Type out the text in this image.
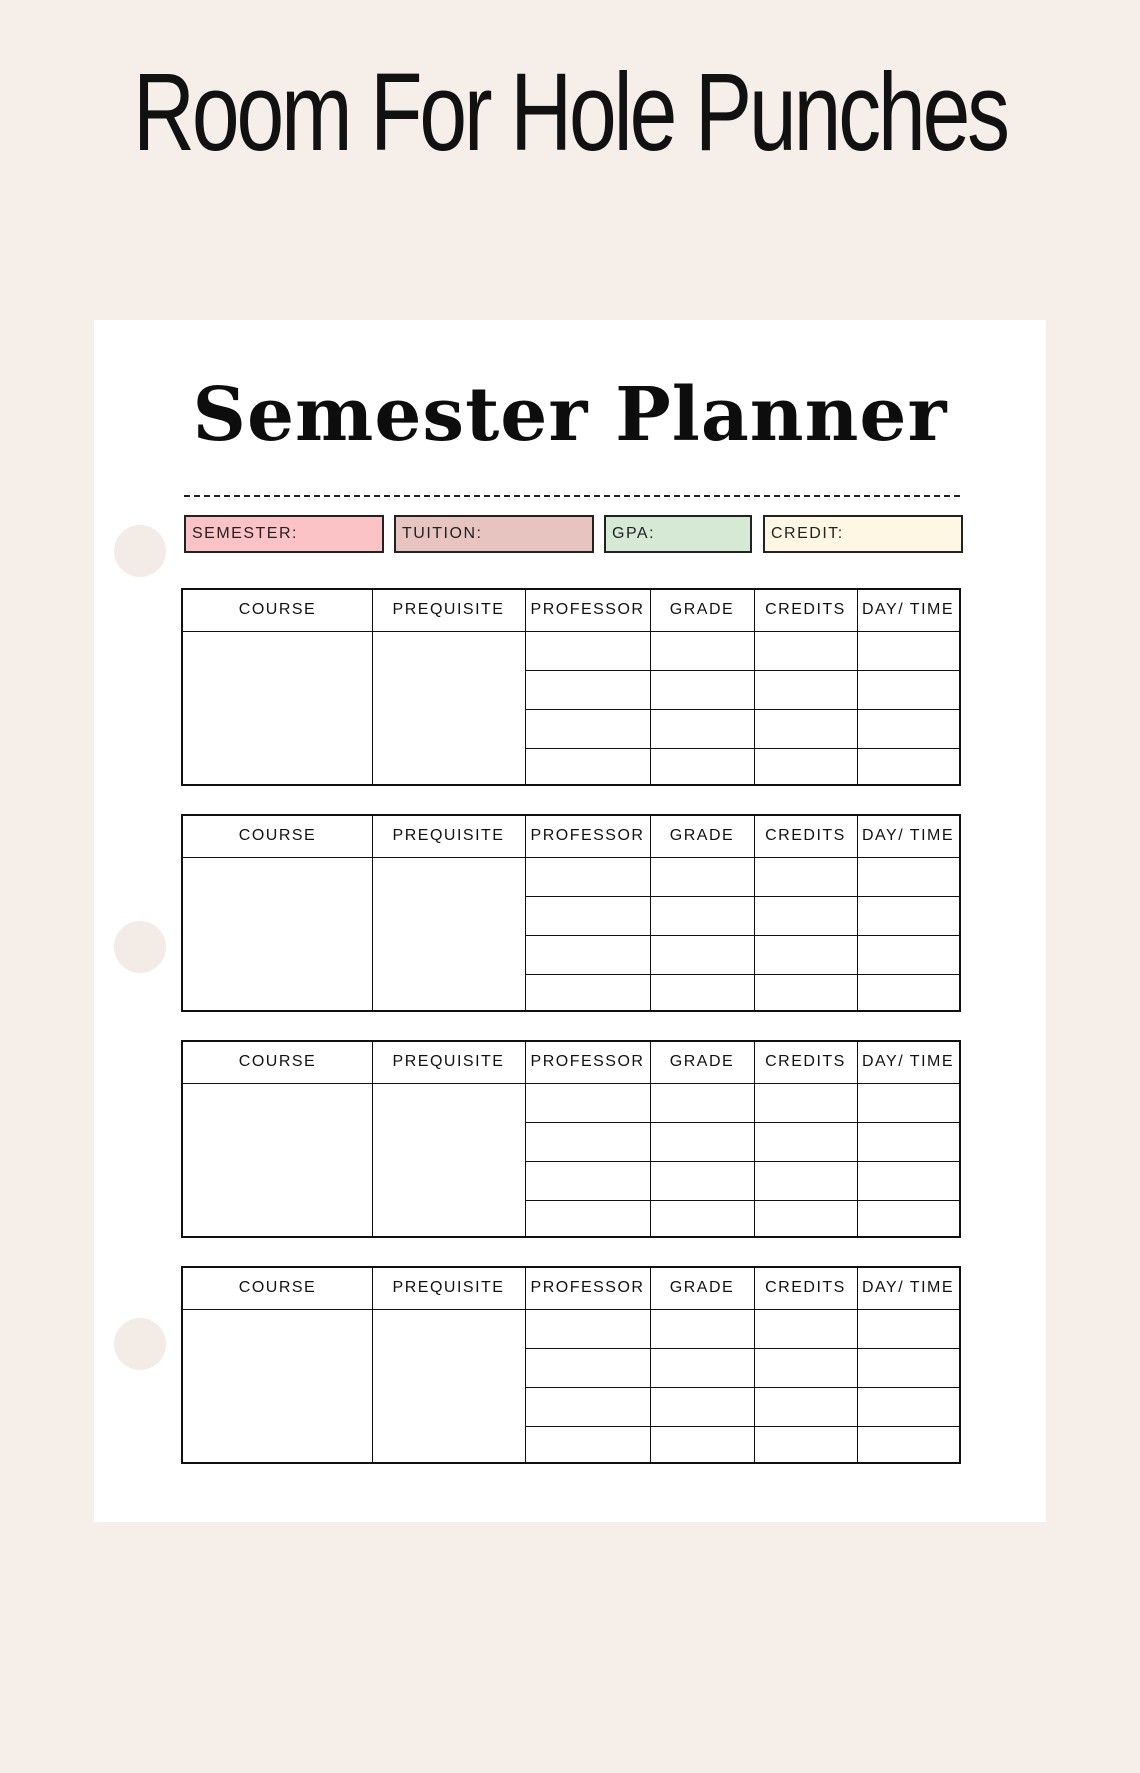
Room For Hole Punches
Semester Planner
SEMESTER:	TUITION:	GPA:	CREDIT:
COURSE	PREQUISITE	PROFESSOR	GRADE	CREDITS	DAY/ TIME
COURSE	PREQUISITE	PROFESSOR	GRADE	CREDITS	DAY/ TIME
COURSE	PREQUISITE	PROFESSOR	GRADE	CREDITS	DAY/ TIME
COURSE	PREQUISITE	PROFESSOR	GRADE	CREDITS	DAY/ TIME
